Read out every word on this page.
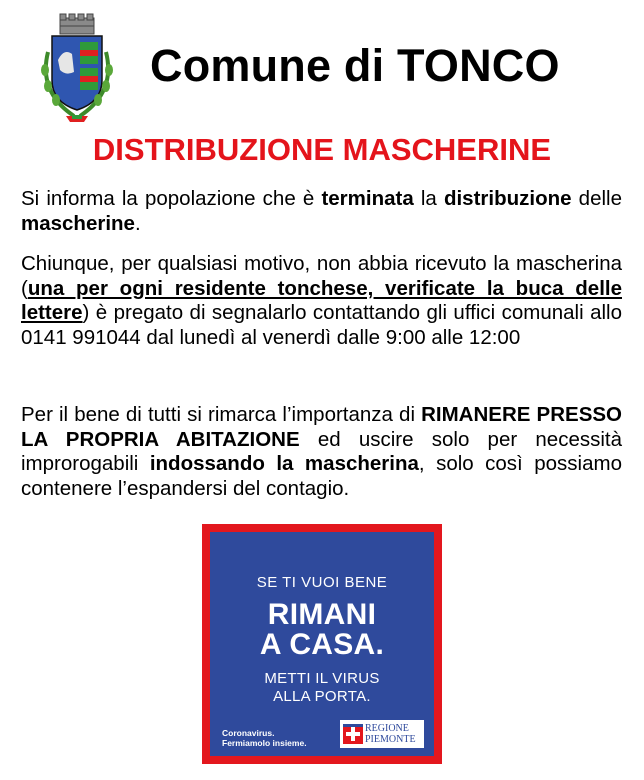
Comune di TONCO
DISTRIBUZIONE MASCHERINE
Si informa la popolazione che è terminata la distribuzione delle mascherine.
Chiunque, per qualsiasi motivo, non abbia ricevuto la mascherina (una per ogni residente tonchese, verificate la buca delle lettere) è pregato di segnalarlo contattando gli uffici comunali allo 0141 991044 dal lunedì al venerdì dalle 9:00 alle 12:00
Per il bene di tutti si rimarca l’importanza di RIMANERE PRESSO LA PROPRIA ABITAZIONE ed uscire solo per necessità improrogabili indossando la mascherina, solo così possiamo contenere l’espandersi del contagio.
SE TI VUOI BENE
RIMANI
A CASA.
METTI IL VIRUS
ALLA PORTA.
Coronavirus.
Fermiamolo insieme.
REGIONE
PIEMONTE
